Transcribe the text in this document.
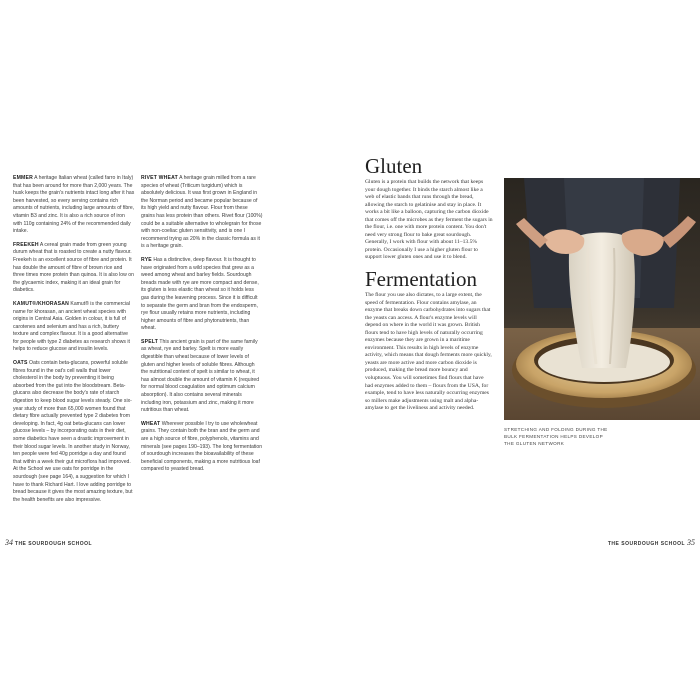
EMMER A heritage Italian wheat (called farro in Italy) that has been around for more than 2,000 years. The husk keeps the grain's nutrients intact long after it has been harvested, so every serving contains rich amounts of nutrients, including large amounts of fibre, vitamin B3 and zinc. It is also a rich source of iron with 110g containing 24% of the recommended daily intake.

FREEKEH A cereal grain made from green young durum wheat that is roasted to create a nutty flavour. Freekeh is an excellent source of fibre and protein. It has double the amount of fibre of brown rice and three times more protein than quinoa. It is also low on the glycaemic index, making it an ideal grain for diabetics.

KAMUT®/KHORASAN Kamut® is the commercial name for khorasan, an ancient wheat species with origins in Central Asia. Golden in colour, it is full of carotenes and selenium and has a rich, buttery texture and complex flavour. It is a good alternative for people with type 2 diabetes as research shows it helps to reduce glucose and insulin levels.

OATS Oats contain beta-glucans, powerful soluble fibres found in the oat's cell walls that lower cholesterol in the body by preventing it being absorbed from the gut into the bloodstream. Beta-glucans also decrease the body's rate of starch digestion to keep blood sugar levels steady. One six-year study of more than 65,000 women found that dietary fibre actually prevented type 2 diabetes from developing. In fact, 4g oat beta-glucans can lower glucose levels – by incorporating oats in their diet, some diabetics have seen a drastic improvement in their blood sugar levels. In another study in Norway, ten people were fed 40g porridge a day and found that within a week their gut microflora had improved. At the School we use oats for porridge in the sourdough (see page 164), a suggestion for which I have to thank Richard Hart. I love adding porridge to bread because it gives the most amazing texture, but the health benefits are also impressive.

RIVET WHEAT A heritage grain milled from a rare species of wheat (Triticum turgidum) which is absolutely delicious. It was first grown in England in the Norman period and became popular because of its high yield and nutty flavour. Flour from these grains has less protein than others. Rivet flour (100%) could be a suitable alternative to wholegrain for those with non-coeliac gluten sensitivity, and is one I recommend trying as 20% in the classic formula as it is a heritage grain.

RYE Has a distinctive, deep flavour. It is thought to have originated from a wild species that grew as a weed among wheat and barley fields. Sourdough breads made with rye are more compact and dense, its gluten is less elastic than wheat so it holds less gas during the leavening process. Since it is difficult to separate the germ and bran from the endosperm, rye flour usually retains more nutrients, including higher amounts of fibre and phytonutrients, than wheat.

SPELT This ancient grain is part of the same family as wheat, rye and barley. Spelt is more easily digestible than wheat because of lower levels of gluten and higher levels of soluble fibres. Although the nutritional content of spelt is similar to wheat, it has almost double the amount of vitamin K (required for normal blood coagulation and optimum calcium absorption). It also contains several minerals including iron, potassium and zinc, making it more nutritious than wheat.

WHEAT Wherever possible I try to use wholewheat grains. They contain both the bran and the germ and are a high source of fibre, polyphenols, vitamins and minerals (see pages 190–193). The long fermentation of sourdough increases the bioavailability of these beneficial components, making a more nutritious loaf compared to yeasted bread.

34 THE SOURDOUGH SCHOOL
Gluten

Gluten is a protein that builds the network that keeps your dough together. It binds the starch almost like a web of elastic bands that runs through the bread, allowing the starch to gelatinise and stay in place. It works a bit like a balloon, capturing the carbon dioxide that comes off the microbes as they ferment the sugars in the flour, i.e. one with more protein content. You don't need very strong flour to bake great sourdough. Generally, I work with flour with about 11–13.5% protein. Occasionally I use a higher gluten flour to support lower gluten ones and use it to blend.

Fermentation

The flour you use also dictates, to a large extent, the speed of fermentation. Flour contains amylase, an enzyme that breaks down carbohydrates into sugars that the yeasts can access. A flour's enzyme levels will depend on where in the world it was grown. British flours tend to have high levels of naturally occurring enzymes because they are grown in a maritime environment. This results in high levels of enzyme activity, which means that dough ferments more quickly, yeasts are more active and more carbon dioxide is produced, making the bread more bouncy and voluptuous. You will sometimes find flours that have had enzymes added to them – flours from the USA, for example, tend to have less naturally occurring enzymes so millers make adjustments using malt and alpha-amylase to get the liveliness and activity needed.

STRETCHING AND FOLDING DURING THE BULK FERMENTATION HELPS DEVELOP THE GLUTEN NETWORK
THE SOURDOUGH SCHOOL 35
